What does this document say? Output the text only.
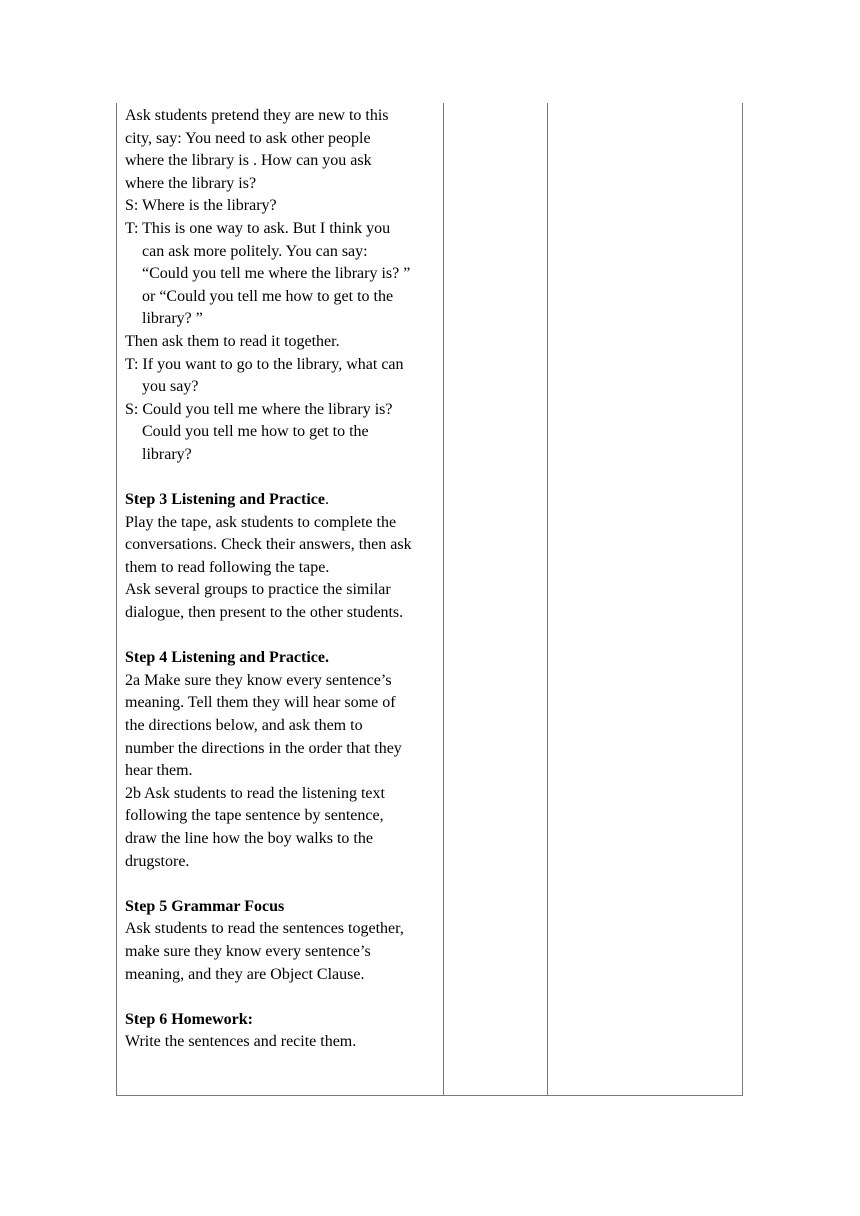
Ask students pretend they are new to this
city, say: You need to ask other people
where the library is . How can you ask
where the library is?
S: Where is the library?
T: This is one way to ask. But I think you
can ask more politely. You can say:
“Could you tell me where the library is? ”
or “Could you tell me how to get to the
library? ”
Then ask them to read it together.
T: If you want to go to the library, what can
you say?
S: Could you tell me where the library is?
Could you tell me how to get to the
library?
Step 3 Listening and Practice.
Play the tape, ask students to complete the
conversations. Check their answers, then ask
them to read following the tape.
Ask several groups to practice the similar
dialogue, then present to the other students.
Step 4 Listening and Practice.
2a Make sure they know every sentence’s
meaning. Tell them they will hear some of
the directions below, and ask them to
number the directions in the order that they
hear them.
2b Ask students to read the listening text
following the tape sentence by sentence,
draw the line how the boy walks to the
drugstore.
Step 5 Grammar Focus
Ask students to read the sentences together,
make sure they know every sentence’s
meaning, and they are Object Clause.
Step 6 Homework:
Write the sentences and recite them.
